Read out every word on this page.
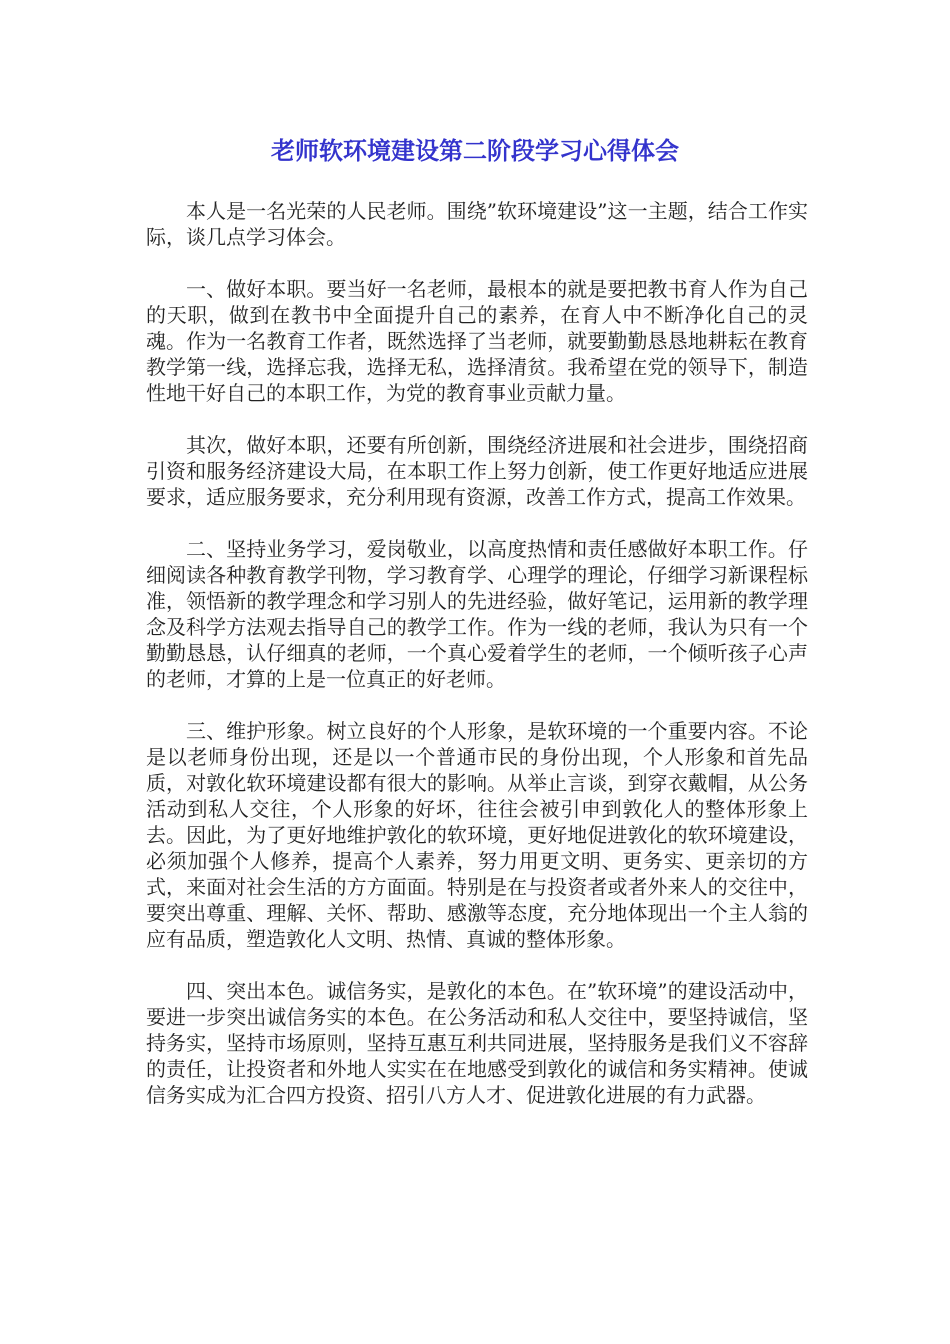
老师软环境建设第二阶段学习心得体会

本人是一名光荣的人民老师。围绕”软环境建设”这一主题，结合工作实际，谈几点学习体会。

一、做好本职。要当好一名老师，最根本的就是要把教书育人作为自己的天职，做到在教书中全面提升自己的素养，在育人中不断净化自己的灵魂。作为一名教育工作者，既然选择了当老师，就要勤勤恳恳地耕耘在教育教学第一线，选择忘我，选择无私，选择清贫。我希望在党的领导下，制造性地干好自己的本职工作，为党的教育事业贡献力量。

其次，做好本职，还要有所创新，围绕经济进展和社会进步，围绕招商引资和服务经济建设大局，在本职工作上努力创新，使工作更好地适应进展要求，适应服务要求，充分利用现有资源，改善工作方式，提高工作效果。

二、坚持业务学习，爱岗敬业，以高度热情和责任感做好本职工作。仔细阅读各种教育教学刊物，学习教育学、心理学的理论，仔细学习新课程标准，领悟新的教学理念和学习别人的先进经验，做好笔记，运用新的教学理念及科学方法观去指导自己的教学工作。作为一线的老师，我认为只有一个勤勤恳恳，认仔细真的老师，一个真心爱着学生的老师，一个倾听孩子心声的老师，才算的上是一位真正的好老师。

三、维护形象。树立良好的个人形象，是软环境的一个重要内容。不论是以老师身份出现，还是以一个普通市民的身份出现，个人形象和首先品质，对敦化软环境建设都有很大的影响。从举止言谈，到穿衣戴帽，从公务活动到私人交往，个人形象的好坏，往往会被引申到敦化人的整体形象上去。因此，为了更好地维护敦化的软环境，更好地促进敦化的软环境建设，必须加强个人修养，提高个人素养，努力用更文明、更务实、更亲切的方式，来面对社会生活的方方面面。特别是在与投资者或者外来人的交往中，要突出尊重、理解、关怀、帮助、感激等态度，充分地体现出一个主人翁的应有品质，塑造敦化人文明、热情、真诚的整体形象。

四、突出本色。诚信务实，是敦化的本色。在”软环境”的建设活动中，要进一步突出诚信务实的本色。在公务活动和私人交往中，要坚持诚信，坚持务实，坚持市场原则，坚持互惠互利共同进展，坚持服务是我们义不容辞的责任，让投资者和外地人实实在在地感受到敦化的诚信和务实精神。使诚信务实成为汇合四方投资、招引八方人才、促进敦化进展的有力武器。
